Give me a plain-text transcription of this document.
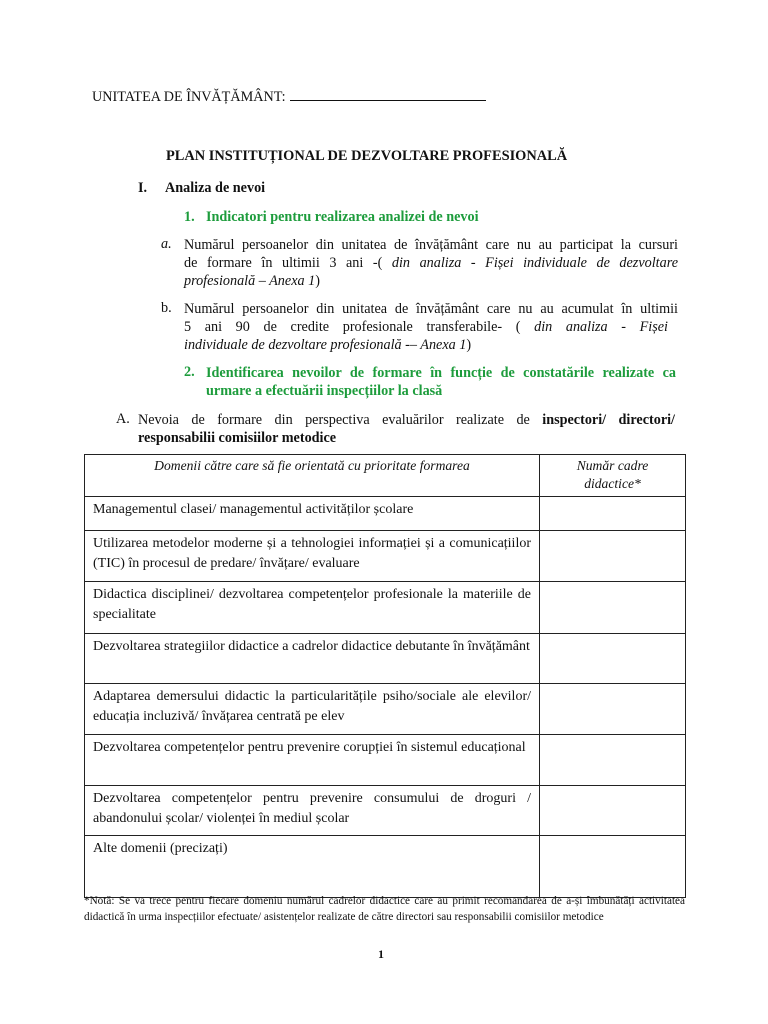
UNITATEA DE ÎNVĂȚĂMÂNT:
PLAN INSTITUȚIONAL DE DEZVOLTARE PROFESIONALĂ
I. Analiza de nevoi
1. Indicatori pentru realizarea analizei de nevoi
a. Numărul persoanelor din unitatea de învățământ care nu au participat la cursuri
de formare în ultimii 3 ani -( din analiza - Fișei individuale de dezvoltare
profesională – Anexa 1)
b. Numărul persoanelor din unitatea de învățământ care nu au acumulat în ultimii
5 ani 90 de credite profesionale transferabile- ( din analiza - Fișei
individuale de dezvoltare profesională -– Anexa 1)
2. Identificarea nevoilor de formare în funcție de constatările realizate ca
urmare a efectuării inspecțiilor la clasă
A. Nevoia de formare din perspectiva evaluărilor realizate de inspectori/ directori/
responsabilii comisiilor metodice
Domenii către care să fie orientată cu prioritate formarea	Număr cadre didactice*
Managementul clasei/ managementul activităților școlare	

Utilizarea metodelor moderne și a tehnologiei informației și a comunicațiilor (TIC) în procesul de predare/ învățare/ evaluare	

Didactica disciplinei/ dezvoltarea competențelor profesionale la materiile de specialitate	

Dezvoltarea strategiilor didactice a cadrelor didactice debutante în învățământ	

Adaptarea demersului didactic la particularitățile psiho/sociale ale elevilor/ educația incluzivă/ învățarea centrată pe elev	

Dezvoltarea competențelor pentru prevenire corupției în sistemul educațional	

Dezvoltarea competențelor pentru prevenire consumului de droguri / abandonului școlar/ violenței în mediul școlar	

Alte domenii (precizați)	
*Notă: Se va trece pentru fiecare domeniu numărul cadrelor didactice care au primit recomandarea de a-și îmbunătăți activitatea didactică în urma inspecțiilor efectuate/ asistențelor realizate de către directori sau responsabilii comisiilor metodice
1
